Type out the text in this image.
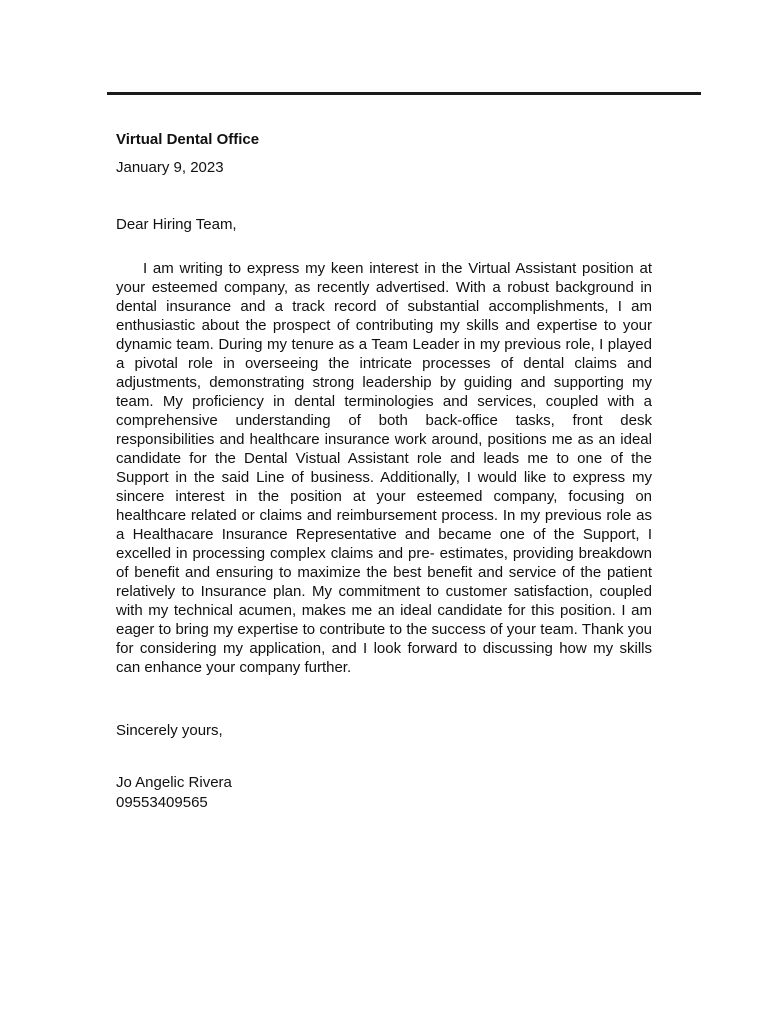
Virtual Dental Office

January 9, 2023

Dear Hiring Team,

I am writing to express my keen interest in the Virtual Assistant position at your esteemed company, as recently advertised. With a robust background in dental insurance and a track record of substantial accomplishments, I am enthusiastic about the prospect of contributing my skills and expertise to your dynamic team. During my tenure as a Team Leader in my previous role, I played a pivotal role in overseeing the intricate processes of dental claims and adjustments, demonstrating strong leadership by guiding and supporting my team. My proficiency in dental terminologies and services, coupled with a comprehensive understanding of both back-office tasks, front desk responsibilities and healthcare insurance work around, positions me as an ideal candidate for the Dental Vistual Assistant role and leads me to one of the Support in the said Line of business. Additionally, I would like to express my sincere interest in the position at your esteemed company, focusing on healthcare related or claims and reimbursement process. In my previous role as a Healthacare Insurance Representative and became one of the Support, I excelled in processing complex claims and pre- estimates, providing breakdown of benefit and ensuring to maximize the best benefit and service of the patient relatively to Insurance plan. My commitment to customer satisfaction, coupled with my technical acumen, makes me an ideal candidate for this position. I am eager to bring my expertise to contribute to the success of your team. Thank you for considering my application, and I look forward to discussing how my skills can enhance your company further.

Sincerely yours,

Jo Angelic Rivera

09553409565
